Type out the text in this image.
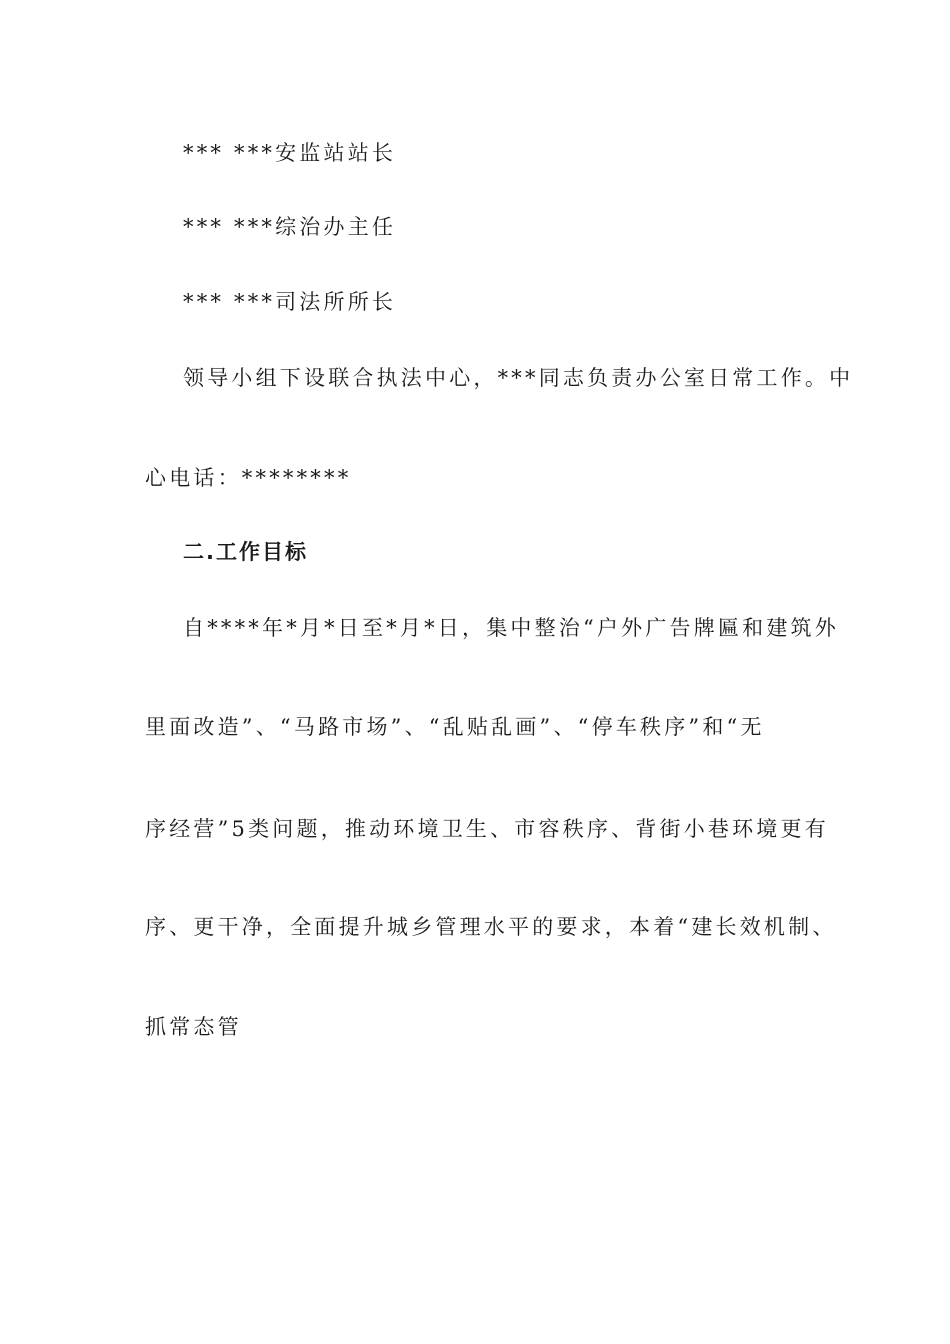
*** ***安监站站长
*** ***综治办主任
*** ***司法所所长
领导小组下设联合执法中心，***同志负责办公室日常工作。中
心电话：********
二.工作目标
自****年*月*日至*月*日，集中整治“户外广告牌匾和建筑外
里面改造”、“马路市场”、“乱贴乱画”、“停车秩序”和“无
序经营”5类问题，推动环境卫生、市容秩序、背街小巷环境更有
序、更干净，全面提升城乡管理水平的要求，本着“建长效机制、
抓常态管
